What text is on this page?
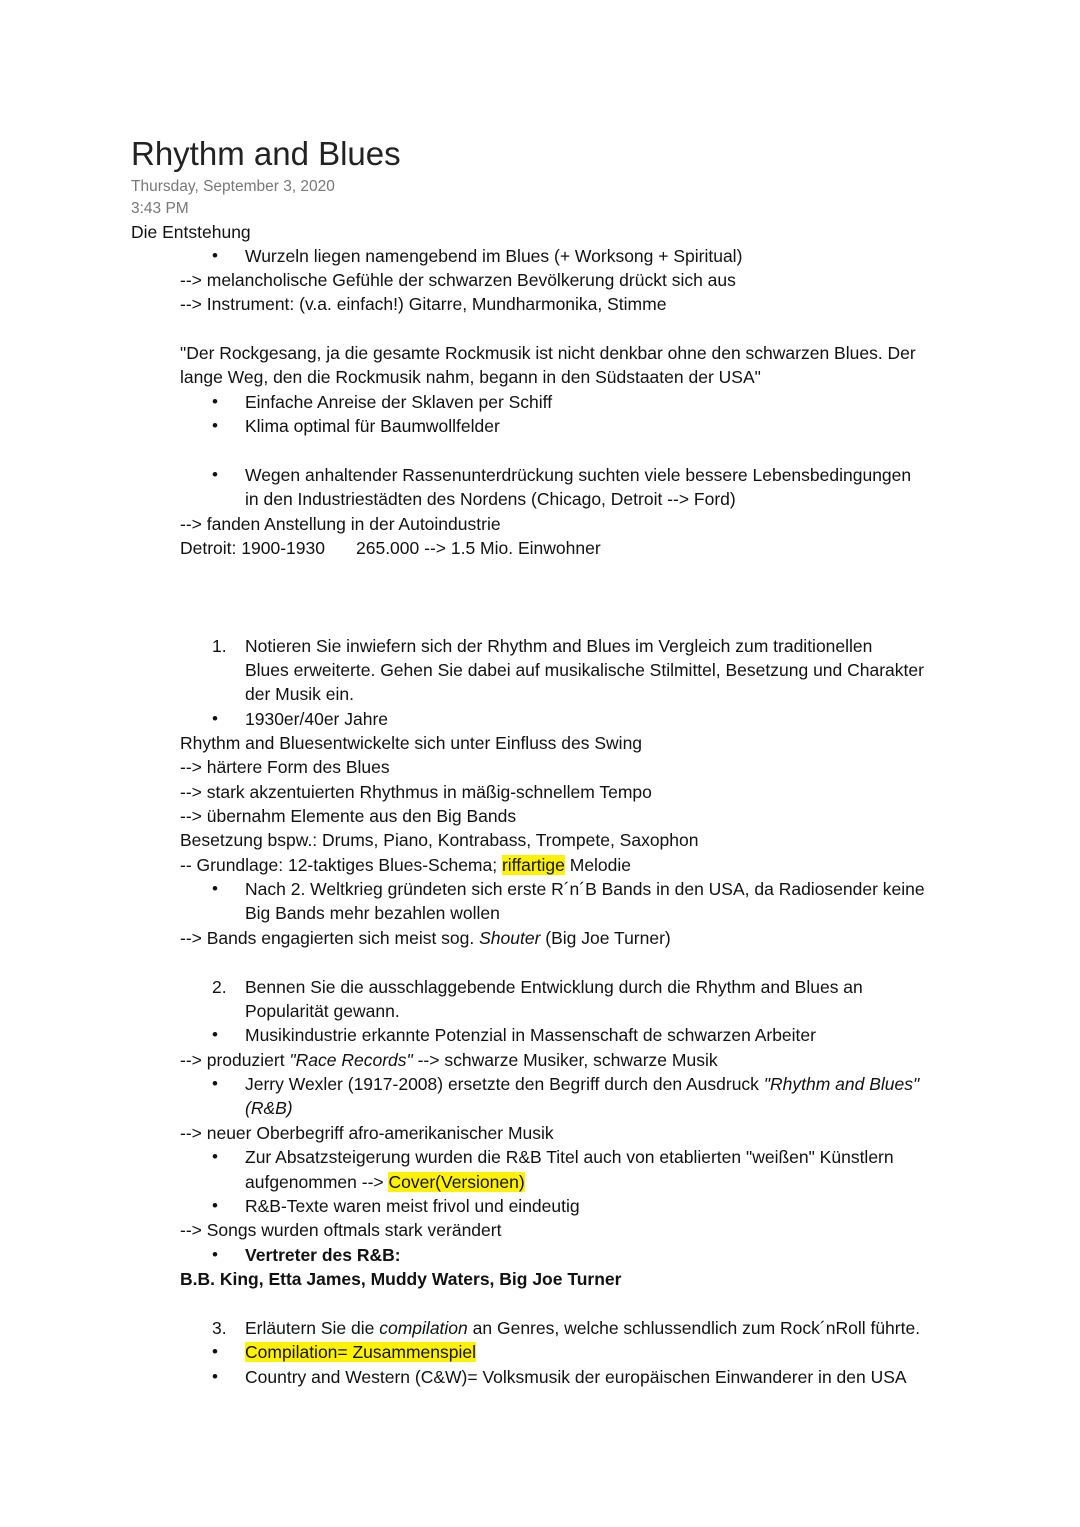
Rhythm and Blues
Thursday, September 3, 2020
3:43 PM
Die Entstehung
• Wurzeln liegen namengebend im Blues (+ Worksong + Spiritual)
--> melancholische Gefühle der schwarzen Bevölkerung drückt sich aus
--> Instrument: (v.a. einfach!) Gitarre, Mundharmonika, Stimme
"Der Rockgesang, ja die gesamte Rockmusik ist nicht denkbar ohne den schwarzen Blues. Der
lange Weg, den die Rockmusik nahm, begann in den Südstaaten der USA"
• Einfache Anreise der Sklaven per Schiff
• Klima optimal für Baumwollfelder
• Wegen anhaltender Rassenunterdrückung suchten viele bessere Lebensbedingungen
in den Industriestädten des Nordens (Chicago, Detroit --> Ford)
--> fanden Anstellung in der Autoindustrie
Detroit: 1900-1930 265.000 --> 1.5 Mio. Einwohner
1. Notieren Sie inwiefern sich der Rhythm and Blues im Vergleich zum traditionellen
Blues erweiterte. Gehen Sie dabei auf musikalische Stilmittel, Besetzung und Charakter
der Musik ein.
• 1930er/40er Jahre
Rhythm and Bluesentwickelte sich unter Einfluss des Swing
--> härtere Form des Blues
--> stark akzentuierten Rhythmus in mäßig-schnellem Tempo
--> übernahm Elemente aus den Big Bands
Besetzung bspw.: Drums, Piano, Kontrabass, Trompete, Saxophon
-- Grundlage: 12-taktiges Blues-Schema; riffartige Melodie
• Nach 2. Weltkrieg gründeten sich erste R´n´B Bands in den USA, da Radiosender keine
Big Bands mehr bezahlen wollen
--> Bands engagierten sich meist sog. Shouter (Big Joe Turner)
2. Bennen Sie die ausschlaggebende Entwicklung durch die Rhythm and Blues an
Popularität gewann.
• Musikindustrie erkannte Potenzial in Massenschaft de schwarzen Arbeiter
--> produziert "Race Records" --> schwarze Musiker, schwarze Musik
• Jerry Wexler (1917-2008) ersetzte den Begriff durch den Ausdruck "Rhythm and Blues"
(R&B)
--> neuer Oberbegriff afro-amerikanischer Musik
• Zur Absatzsteigerung wurden die R&B Titel auch von etablierten "weißen" Künstlern
aufgenommen --> Cover(Versionen)
• R&B-Texte waren meist frivol und eindeutig
--> Songs wurden oftmals stark verändert
• Vertreter des R&B:
B.B. King, Etta James, Muddy Waters, Big Joe Turner
3. Erläutern Sie die compilation an Genres, welche schlussendlich zum Rock´nRoll führte.
• Compilation= Zusammenspiel
• Country and Western (C&W)= Volksmusik der europäischen Einwanderer in den USA
